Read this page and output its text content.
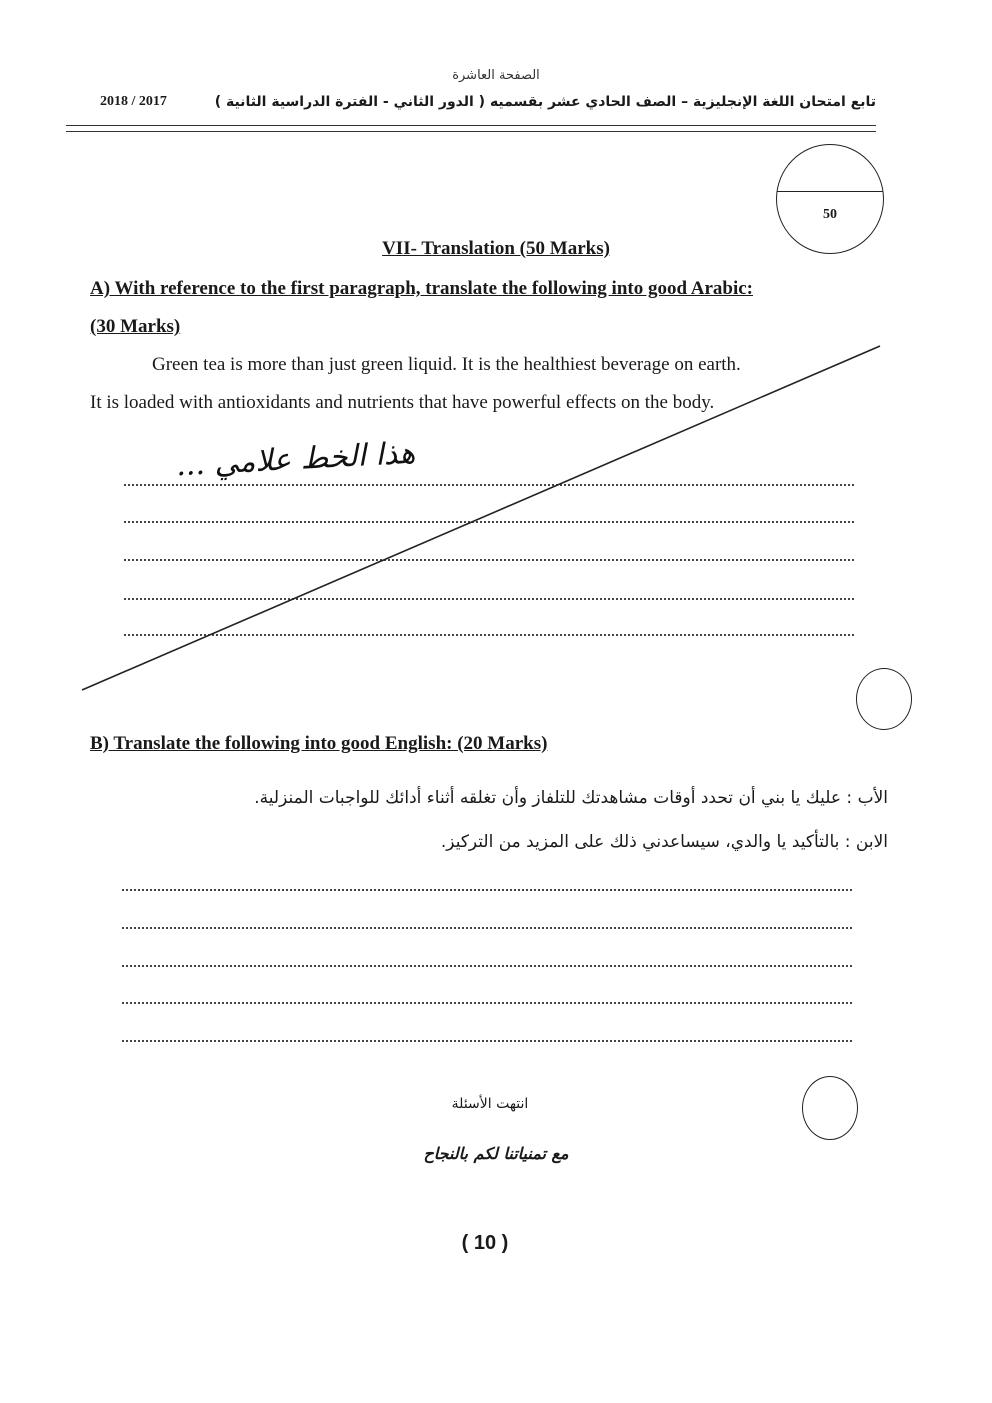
الصفحة العاشرة
2018 / 2017	تابع امتحان اللغة الإنجليزية – الصف الحادي عشر بقسميه ( الدور الثاني - الفترة الدراسية الثانية )
50
VII- Translation (50 Marks)
A) With reference to the first paragraph, translate the following into good Arabic:
(30 Marks)
Green tea is more than just green liquid. It is the healthiest beverage on earth.
It is loaded with antioxidants and nutrients that have powerful effects on the body.
هذا الخط علامي ...
B) Translate the following into good English: (20 Marks)
الأب : عليك يا بني أن تحدد أوقات مشاهدتك للتلفاز وأن تغلقه أثناء أدائك للواجبات المنزلية.
الابن : بالتأكيد يا والدي، سيساعدني ذلك على المزيد من التركيز.
انتهت الأسئلة
مع تمنياتنا لكم بالنجاح
( 10 )
